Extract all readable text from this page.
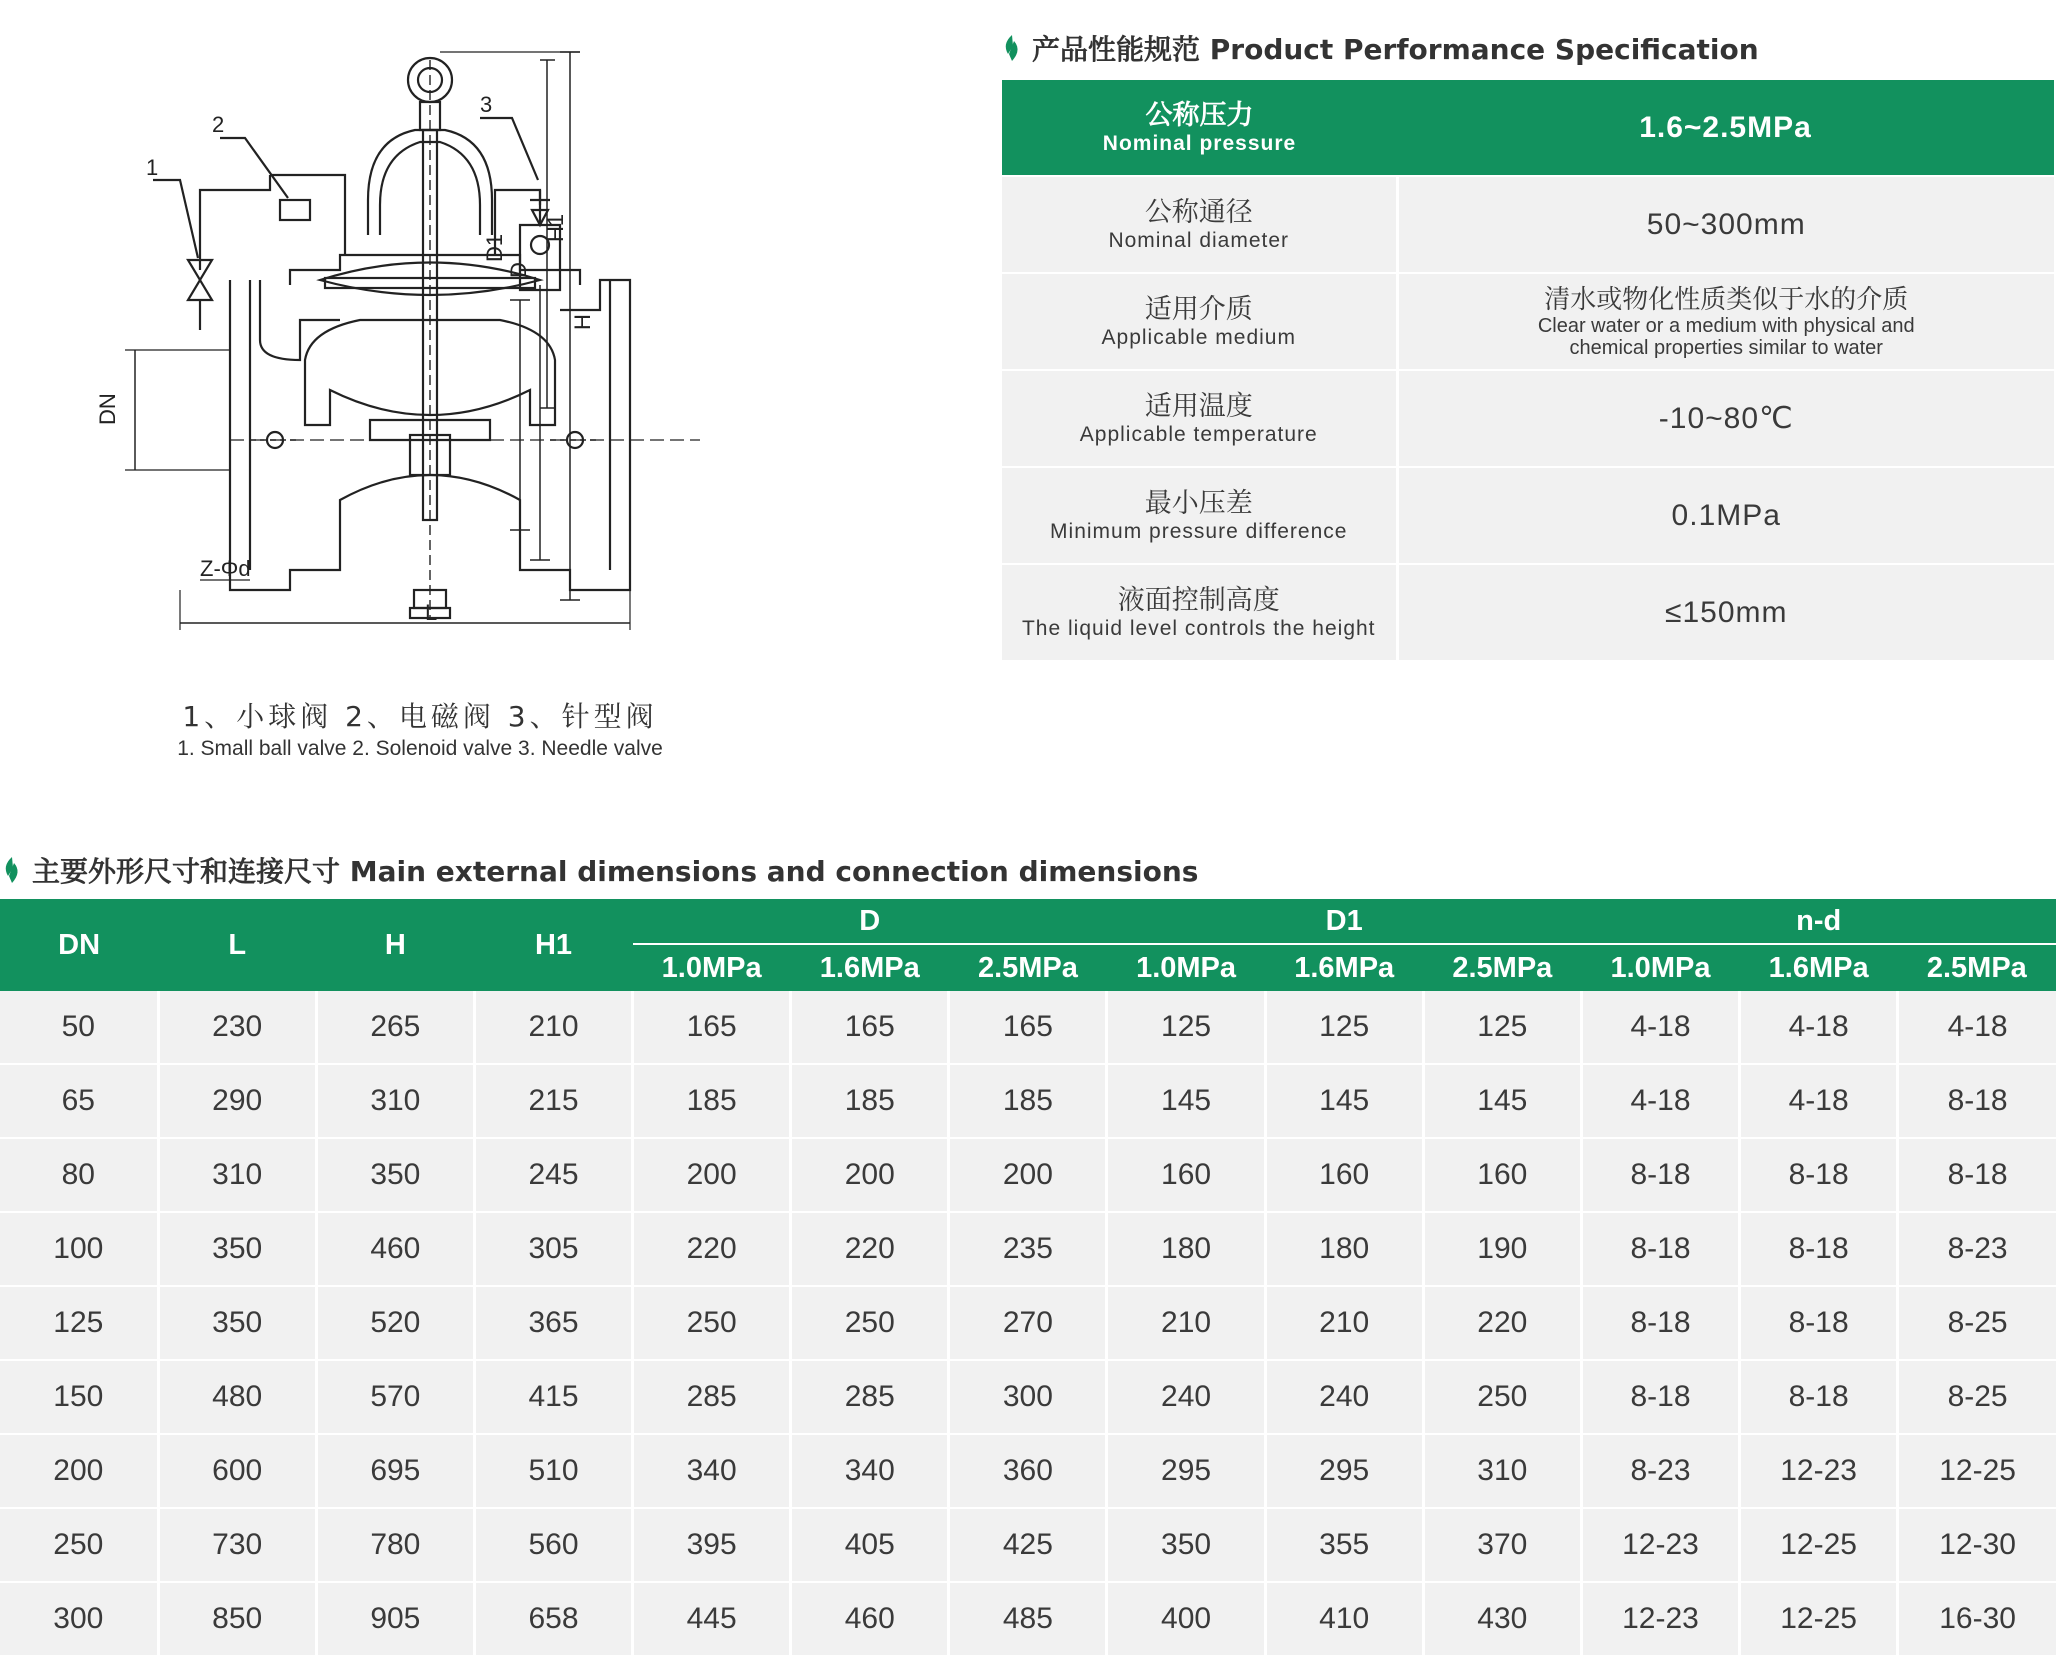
1
2
3
H1
H
D1
D
DN
L
Z-Φd
1、小球阀 2、电磁阀 3、针型阀
1. Small ball valve 2. Solenoid valve 3. Needle valve
产品性能规范 Product Performance Specification
公称压力
Nominal pressure	1.6~2.5MPa

公称通径
Nominal diameter	50~300mm

适用介质
Applicable medium	清水或物化性质类似于水的介质
Clear water or a medium with physical and
chemical properties similar to water

适用温度
Applicable temperature	-10~80℃

最小压差
Minimum pressure difference	0.1MPa

液面控制高度
The liquid level controls the height	≤150mm
主要外形尺寸和连接尺寸 Main external dimensions and connection dimensions
DN	L	H	H1	D			D1			n-d		
				1.0MPa	1.6MPa	2.5MPa	1.0MPa	1.6MPa	2.5MPa	1.0MPa	1.6MPa	2.5MPa
50	230	265	210	165	165	165	125	125	125	4-18	4-18	4-18
65	290	310	215	185	185	185	145	145	145	4-18	4-18	8-18
80	310	350	245	200	200	200	160	160	160	8-18	8-18	8-18
100	350	460	305	220	220	235	180	180	190	8-18	8-18	8-23
125	350	520	365	250	250	270	210	210	220	8-18	8-18	8-25
150	480	570	415	285	285	300	240	240	250	8-18	8-18	8-25
200	600	695	510	340	340	360	295	295	310	8-23	12-23	12-25
250	730	780	560	395	405	425	350	355	370	12-23	12-25	12-30
300	850	905	658	445	460	485	400	410	430	12-23	12-25	16-30
